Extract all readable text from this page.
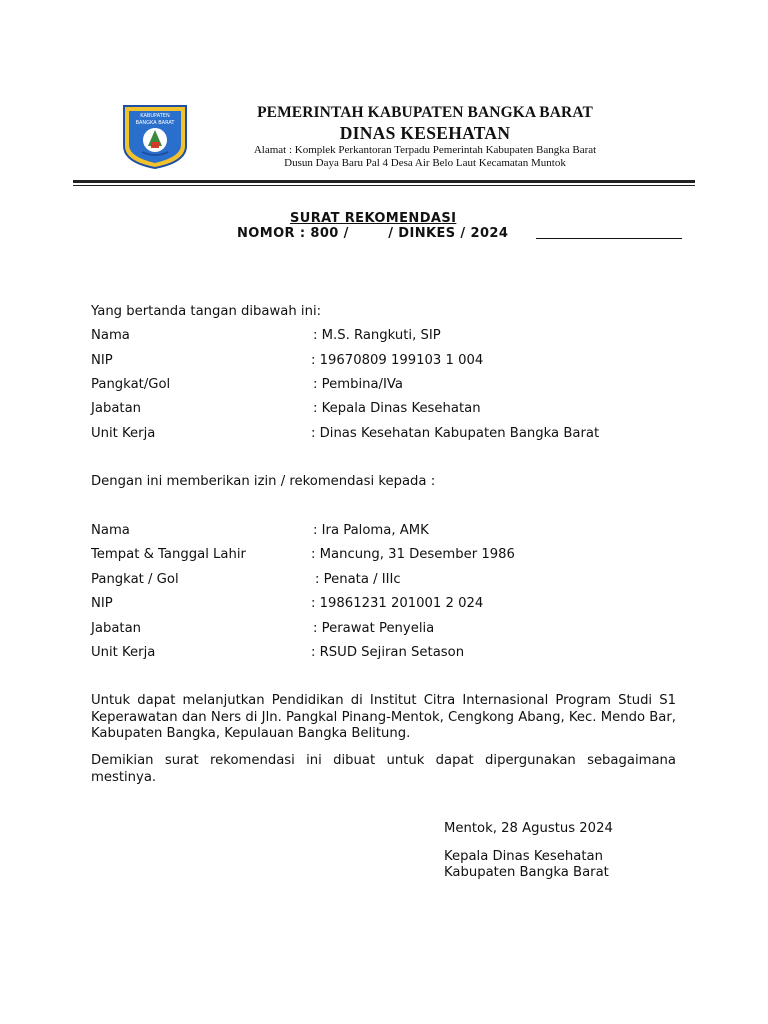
KABUPATEN
BANGKA BARAT
PEMERINTAH KABUPATEN BANGKA BARAT
DINAS KESEHATAN
Alamat : Komplek Perkantoran Terpadu Pemerintah Kabupaten Bangka Barat
Dusun Daya Baru Pal 4 Desa Air Belo Laut Kecamatan Muntok
SURAT REKOMENDASI
NOMOR : 800 /        / DINKES / 2024
Yang bertanda tangan dibawah ini:
Nama	: M.S. Rangkuti, SIP
NIP	: 19670809 199103 1 004
Pangkat/Gol	: Pembina/IVa
Jabatan	: Kepala Dinas Kesehatan
Unit Kerja	: Dinas Kesehatan Kabupaten Bangka Barat
Dengan ini memberikan izin / rekomendasi kepada :
Nama	: Ira Paloma, AMK
Tempat & Tanggal Lahir	: Mancung, 31 Desember 1986
Pangkat / Gol	: Penata / IIIc
NIP	: 19861231 201001 2 024
Jabatan	: Perawat Penyelia
Unit Kerja	: RSUD Sejiran Setason
Untuk dapat melanjutkan Pendidikan di Institut Citra Internasional Program Studi S1 Keperawatan dan Ners di Jln. Pangkal Pinang-Mentok, Cengkong Abang, Kec. Mendo Bar, Kabupaten Bangka, Kepulauan Bangka Belitung.
Demikian surat rekomendasi ini dibuat untuk dapat dipergunakan sebagaimana mestinya.
Mentok, 28 Agustus 2024
Kepala Dinas Kesehatan
Kabupaten Bangka Barat
